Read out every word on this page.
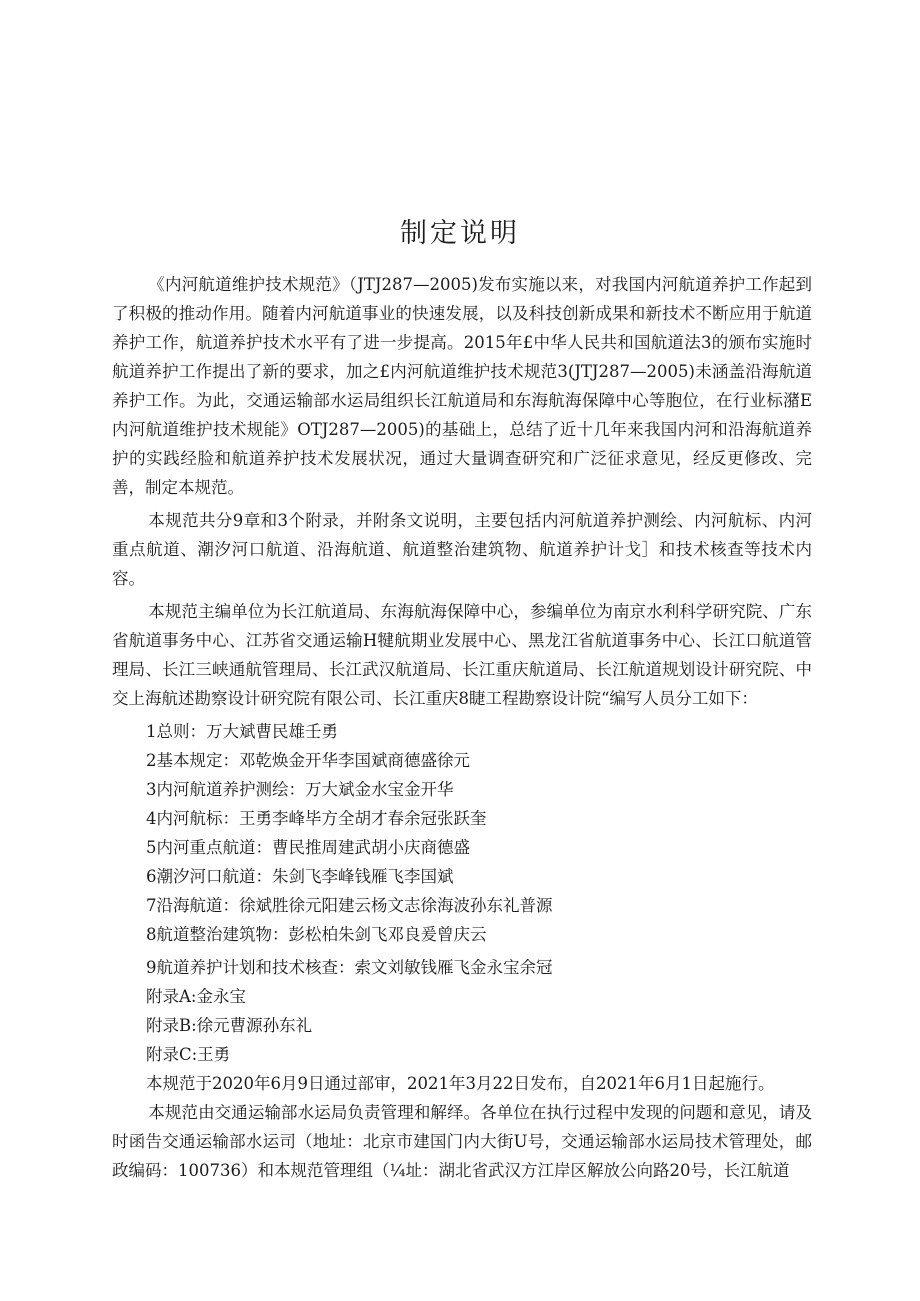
制定说明

《内河航道维护技术规范》（JTJ287—2005)发布实施以来，对我国内河航道养护工作起到了积极的推动作用。随着内河航道事业的快速发展，以及科技创新成果和新技术不断应用于航道养护工作，航道养护技术水平有了进一步提高。2015年£中华人民共和国航道法3的颁布实施时航道养护工作提出了新的要求，加之£内河航道维护技术规范3(JTJ287—2005)未涵盖沿海航道养护工作。为此，交通运输部水运局组织长江航道局和东海航海保障中心等胞位，在行业标潴E内河航道维护技术规能》OTJ287—2005)的基础上，总结了近十几年来我国内河和沿海航道养护的实践经脸和航道养护技术发展状况，通过大量调查研究和广泛征求意见，经反更修改、完善，制定本规范。

本规范共分9章和3个附录，并附条文说明，主要包括内河航道养护测绘、内河航标、内河重点航道、潮汐河口航道、沿海航道、航道整治建筑物、航道养护计戈］和技术核查等技术内容。

本规范主编单位为长江航道局、东海航海保障中心，参编单位为南京水利科学研究院、广东省航道事务中心、江苏省交通运输H犍航期业发展中心、黑龙江省航道事务中心、长江口航道管理局、长江三峡通航管理局、长江武汉航道局、长江重庆航道局、长江航道规划设计研究院、中交上海航述勘察设计研究院有限公司、长江重庆8睫工程勘察设计院“编写人员分工如下：

1总则：万大斌曹民雄壬勇

2基本规定：邓乾焕金开华李国斌商德盛徐元

3内河航道养护测绘：万大斌金水宝金开华

4内河航标：王勇李峰毕方全胡才春余冠张跃奎

5内河重点航道：曹民推周建武胡小庆商德盛

6潮汐河口航道：朱剑飞李峰钱雁飞李国斌

7沿海航道：徐斌胜徐元阳建云杨文志徐海波孙东礼普源

8航道整治建筑物：彭松柏朱剑飞邓良爰曾庆云

9航道养护计划和技术核查：索文刘敏钱雁飞金永宝余冠

附录A:金永宝

附录B:徐元曹源孙东礼

附录C:王勇

本规范于2020年6月9日通过部审，2021年3月22日发布，自2021年6月1日起施行。

本规范由交通运输部水运局负责管理和解绎。各单位在执行过程中发现的问题和意见，请及时函告交通运输部水运司（地址：北京市建国门内大街U号，交通运输部水运局技术管理处，邮政编码：100736）和本规范管理组（¼址：湖北省武汉方江岸区解放公向路20号，长江航道
